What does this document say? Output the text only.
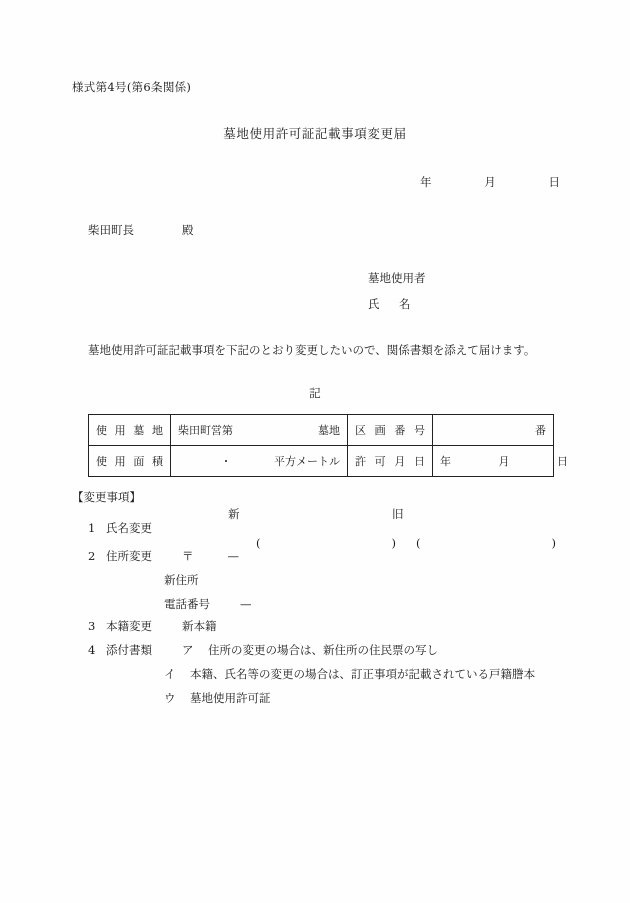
様式第4号(第6条関係)
墓地使用許可証記載事項変更届
年	月	日
柴田町長	殿
墓地使用者
氏　名
墓地使用許可証記載事項を下記のとおり変更したいので、関係書類を添えて届けます。
記
使用墓地	柴田町営第 墓地	区画番号	番
使用面積	・ 平方メートル	許可月日	年 月 日
【変更事項】
新	旧
1 氏名変更
(	) (	)
2 住所変更	〒	—
新住所
電話番号	—
3 本籍変更	新本籍
4 添付書類	ア 住所の変更の場合は、新住所の住民票の写し
イ 本籍、氏名等の変更の場合は、訂正事項が記載されている戸籍謄本
ウ 墓地使用許可証
